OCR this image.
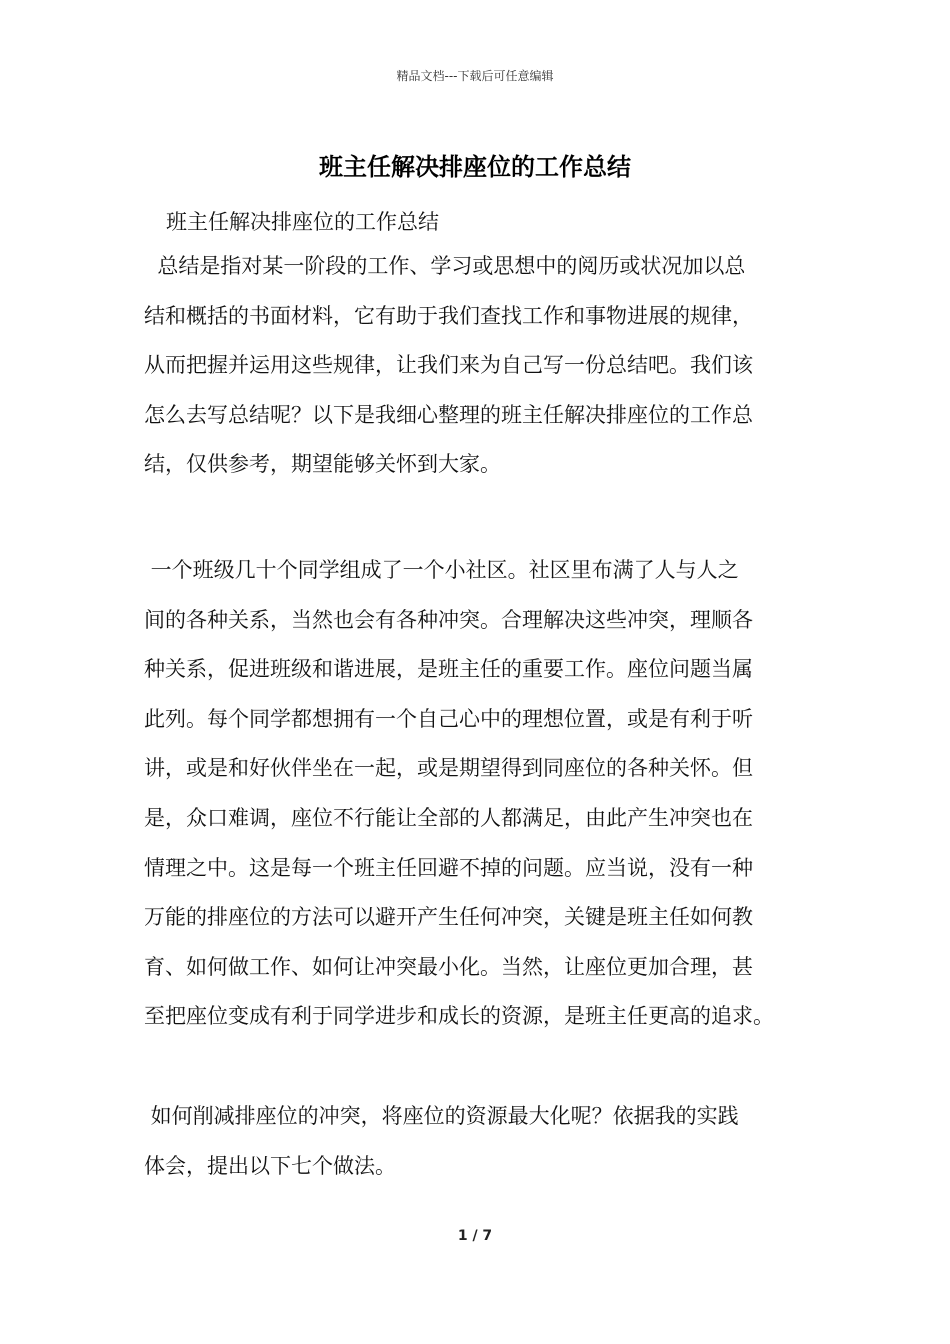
精品文档---下载后可任意编辑
班主任解决排座位的工作总结
班主任解决排座位的工作总结
总结是指对某一阶段的工作、学习或思想中的阅历或状况加以总
结和概括的书面材料，它有助于我们查找工作和事物进展的规律，
从而把握并运用这些规律，让我们来为自己写一份总结吧。我们该
怎么去写总结呢？以下是我细心整理的班主任解决排座位的工作总
结，仅供参考，期望能够关怀到大家。
一个班级几十个同学组成了一个小社区。社区里布满了人与人之
间的各种关系，当然也会有各种冲突。合理解决这些冲突，理顺各
种关系，促进班级和谐进展，是班主任的重要工作。座位问题当属
此列。每个同学都想拥有一个自己心中的理想位置，或是有利于听
讲，或是和好伙伴坐在一起，或是期望得到同座位的各种关怀。但
是，众口难调，座位不行能让全部的人都满足，由此产生冲突也在
情理之中。这是每一个班主任回避不掉的问题。应当说，没有一种
万能的排座位的方法可以避开产生任何冲突，关键是班主任如何教
育、如何做工作、如何让冲突最小化。当然，让座位更加合理，甚
至把座位变成有利于同学进步和成长的资源，是班主任更高的追求。
如何削减排座位的冲突，将座位的资源最大化呢？依据我的实践
体会，提出以下七个做法。
1 / 7
